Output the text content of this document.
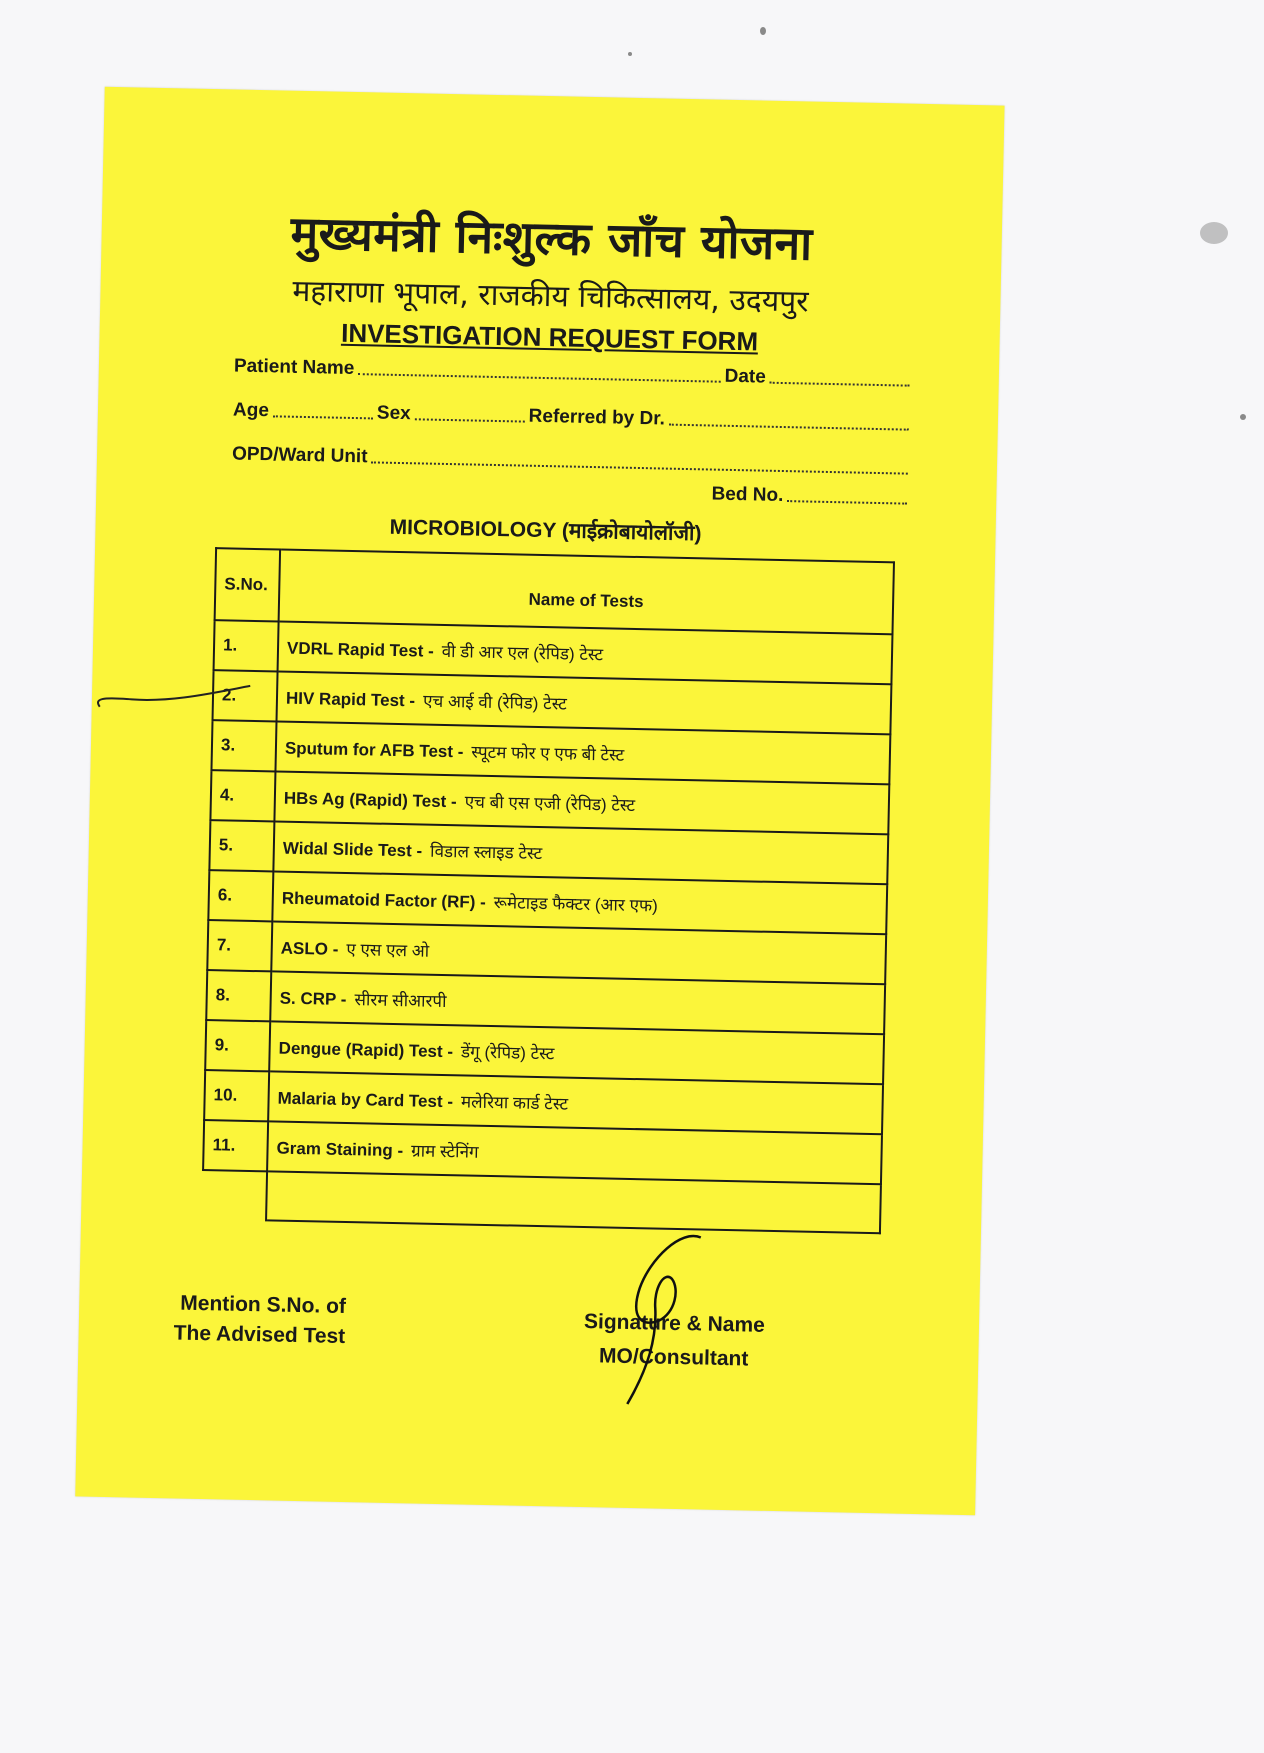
मुख्यमंत्री निःशुल्क जाँच योजना
महाराणा भूपाल, राजकीय चिकित्सालय, उदयपुर
INVESTIGATION REQUEST FORM
Patient Name	Date
Age	Sex	Referred by Dr.
OPD/Ward Unit
Bed No.
MICROBIOLOGY (माईक्रोबायोलॉजी)
S.No.	Name of Tests
1.	VDRL Rapid Test - वी डी आर एल (रेपिड) टेस्ट
2.	HIV Rapid Test - एच आई वी (रेपिड) टेस्ट
3.	Sputum for AFB Test - स्पूटम फोर ए एफ बी टेस्ट
4.	HBs Ag (Rapid) Test - एच बी एस एजी (रेपिड) टेस्ट
5.	Widal Slide Test - विडाल स्लाइड टेस्ट
6.	Rheumatoid Factor (RF) - रूमेटाइड फैक्टर (आर एफ)
7.	ASLO - ए एस एल ओ
8.	S. CRP - सीरम सीआरपी
9.	Dengue (Rapid) Test - डेंगू (रेपिड) टेस्ट
10.	Malaria by Card Test - मलेरिया कार्ड टेस्ट
11.	Gram Staining - ग्राम स्टेनिंग

Mention S.No. of
The Advised Test	Signature & Name
MO/Consultant
